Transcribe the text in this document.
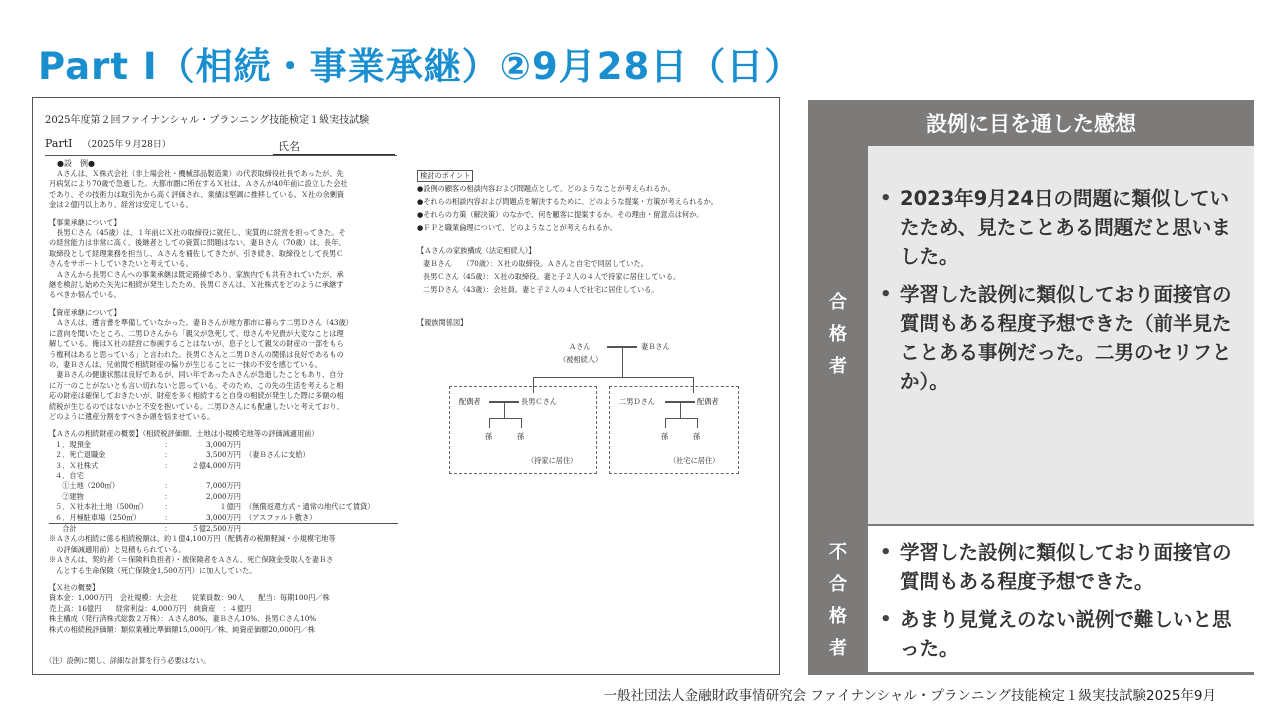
Part Ⅰ（相続・事業承継）②9月28日（日）
2025年度第２回ファイナンシャル・プランニング技能検定１級実技試験
PartⅠ （2025年９月28日）	氏名
●設　例●

　Ａさんは、Ｘ株式会社（非上場会社・機械部品製造業）の代表取締役社長であったが、先

月病気により70歳で急逝した。大都市圏に所在するＸ社は、Ａさんが40年前に設立した会社

であり、その技術力は取引先から高く評価され、業績は堅調に推移している。Ｘ社の余剰資

金は２億円以上あり、経営は安定している。

【事業承継について】

　長男Ｃさん（45歳）は、１年前にＸ社の取締役に就任し、実質的に経営を担ってきた。そ

の経営能力は非常に高く、後継者としての資質に問題はない。妻Ｂさん（70歳）は、長年、

取締役として経理業務を担当し、Ａさんを補佐してきたが、引き続き、取締役として長男Ｃ

さんをサポートしていきたいと考えている。

　Ａさんから長男Ｃさんへの事業承継は既定路線であり、家族内でも共有されていたが、承

継を検討し始めた矢先に相続が発生したため、長男Ｃさんは、Ｘ社株式をどのように承継す

るべきか悩んでいる。

【資産承継について】

　Ａさんは、遺言書を準備していなかった。妻Ｂさんが地方都市に暮らす二男Ｄさん（43歳）

に意向を聞いたところ、二男Ｄさんから「親父が急死して、母さんや兄貴が大変なことは理

解している。俺はＸ社の経営に参画することはないが、息子として親父の財産の一部をもら

う権利はあると思っている」と言われた。長男Ｃさんと二男Ｄさんの関係は良好であるもの

の、妻Ｂさんは、兄弟間で相続財産の偏りが生じることに一抹の不安を感じている。

　妻Ｂさんの健康状態は良好であるが、同い年であったＡさんが急逝したこともあり、自分

に万一のことがないとも言い切れないと思っている。そのため、この先の生活を考えると相

応の財産は確保しておきたいが、財産を多く相続すると自身の相続が発生した際に多額の相

続税が生じるのではないかと不安を抱いている。二男Ｄさんにも配慮したいと考えており、

どのように遺産分割をすべきか頭を悩ませている。

【Ａさんの相続財産の概要】（相続税評価額、土地は小規模宅地等の評価減適用前）

１．現預金	：	3,000万円
２．死亡退職金	：	3,500万円 （妻Ｂさんに支給）
３．Ｘ社株式	：	２億4,000万円
４．自宅
　①土地（200㎡）	：	7,000万円
　②建物	：	2,000万円
５．Ｘ社本社土地（500㎡）	：	１億円 （無償返還方式・通常の地代にて賃貸）
６．月極駐車場（250㎡）	：	3,000万円 （アスファルト敷き）
　合計	：	５億2,500万円

※Ａさんの相続に係る相続税額は、約１億4,100万円（配偶者の税額軽減・小規模宅地等

　の評価減適用前）と見積もられている。

※Ａさんは、契約者（＝保険料負担者）・被保険者をＡさん、死亡保険金受取人を妻Ｂさ

　んとする生命保険（死亡保険金1,500万円）に加入していた。

【Ｘ社の概要】

資本金：1,000万円　会社規模：大会社　　従業員数：90人　　配当：毎期100円／株

売上高：16億円　　経常利益：4,000万円　純資産　：４億円

株主構成（発行済株式総数２万株）：Ａさん80%、妻Ｂさん10%、長男Ｃさん10%

株式の相続税評価額：類似業種比準価額15,000円／株、純資産価額20,000円／株

検討のポイント

●設例の顧客の相談内容および問題点として、どのようなことが考えられるか。

●それらの相談内容および問題点を解決するために、どのような提案・方策が考えられるか。

●それらの方策（解決策）のなかで、何を顧客に提案するか。その理由・留意点は何か。

●ＦＰと職業倫理について、どのようなことが考えられるか。

【Ａさんの家族構成（法定相続人）】

妻Ｂさん　　（70歳）：Ｘ社の取締役。Ａさんと自宅で同居していた。

長男Ｃさん（45歳）：Ｘ社の取締役。妻と子２人の４人で持家に居住している。

二男Ｄさん（43歳）：会社員。妻と子２人の４人で社宅に居住している。

【親族関係図】

Ａさん
（被相続人）
妻Ｂさん
配偶者	長男Ｃさん
孫	孫
（持家に居住）
二男Ｄさん	配偶者
孫	孫
（社宅に居住）
（注）設例に関し、詳細な計算を行う必要はない。
設例に目を通した感想
合格者
• 2023年9月24日の問題に類似していたため、見たことある問題だと思いました。
• 学習した設例に類似しており面接官の質問もある程度予想できた（前半見たことある事例だった。二男のセリフとか）。
不合格者
• 学習した設例に類似しており面接官の質問もある程度予想できた。
• あまり見覚えのない説例で難しいと思った。
一般社団法人金融財政事情研究会 ファイナンシャル・プランニング技能検定１級実技試験2025年9月
